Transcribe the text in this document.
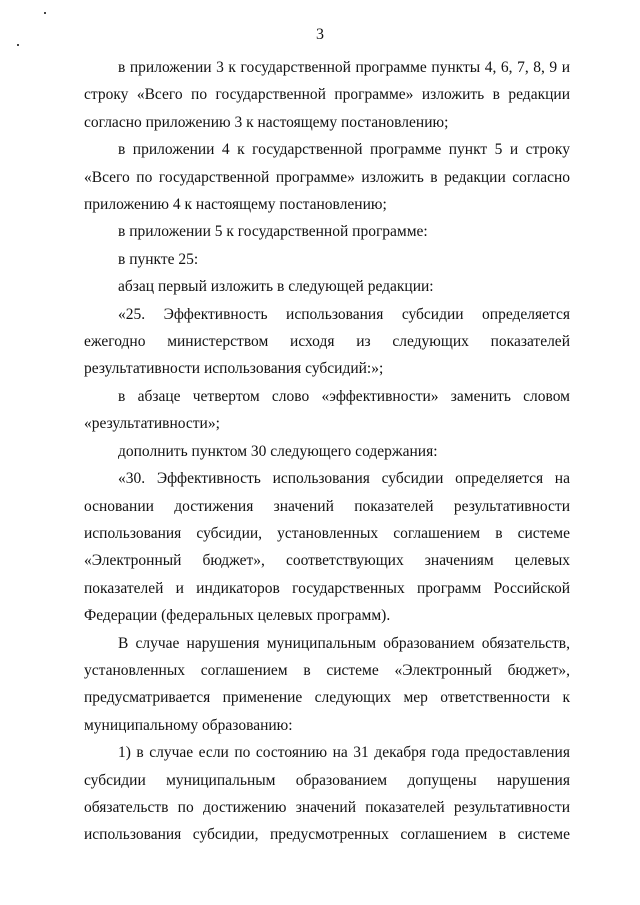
3

в приложении 3 к государственной программе пункты 4, 6, 7, 8, 9 и строку «Всего по государственной программе» изложить в редакции согласно приложению 3 к настоящему постановлению;

в приложении 4 к государственной программе пункт 5 и строку «Всего по государственной программе» изложить в редакции согласно приложению 4 к настоящему постановлению;

в приложении 5 к государственной программе:

в пункте 25:

абзац первый изложить в следующей редакции:

«25. Эффективность использования субсидии определяется ежегодно министерством исходя из следующих показателей результативности использования субсидий:»;

в абзаце четвертом слово «эффективности» заменить словом «результативности»;

дополнить пунктом 30 следующего содержания:

«30. Эффективность использования субсидии определяется на основании достижения значений показателей результативности использования субсидии, установленных соглашением в системе «Электронный бюджет», соответствующих значениям целевых показателей и индикаторов государственных программ Российской Федерации (федеральных целевых программ).

В случае нарушения муниципальным образованием обязательств, установленных соглашением в системе «Электронный бюджет», предусматривается применение следующих мер ответственности к муниципальному образованию:

1) в случае если по состоянию на 31 декабря года предоставления субсидии муниципальным образованием допущены нарушения обязательств по достижению значений показателей результативности использования субсидии, предусмотренных соглашением в системе
